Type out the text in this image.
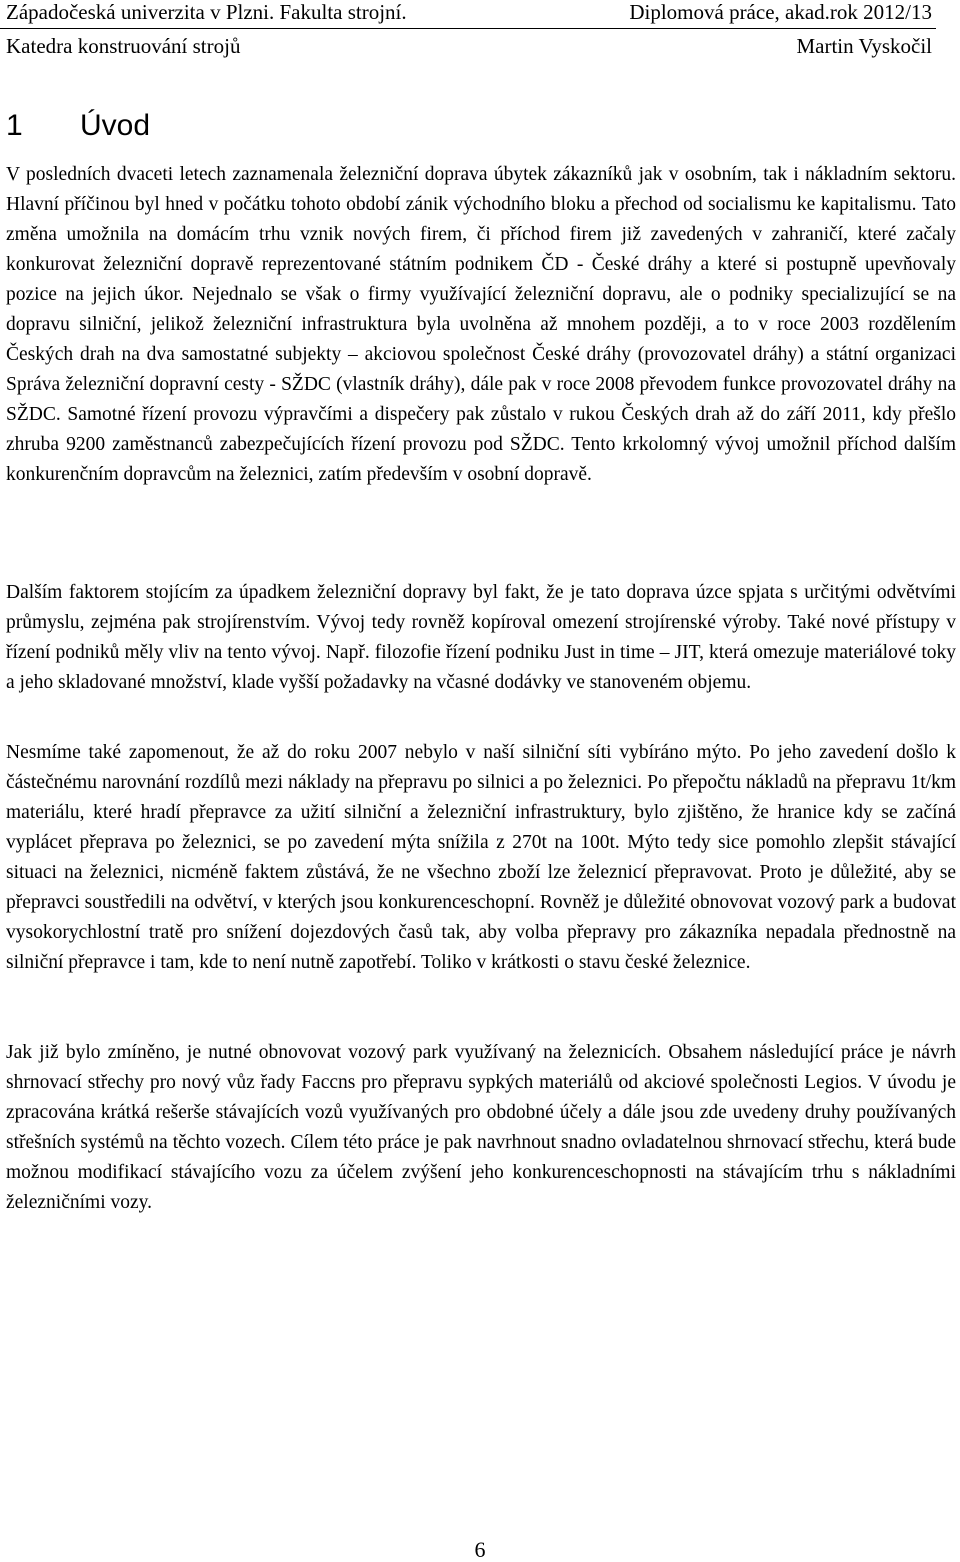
Západočeská univerzita v Plzni. Fakulta strojní.	Diplomová práce, akad.rok 2012/13
Katedra konstruování strojů	Martin Vyskočil
1 Úvod

V posledních dvaceti letech zaznamenala železniční doprava úbytek zákazníků jak v osobním, tak i nákladním sektoru. Hlavní příčinou byl hned v počátku tohoto období zánik východního bloku a přechod od socialismu ke kapitalismu. Tato změna umožnila na domácím trhu vznik nových firem, či příchod firem již zavedených v zahraničí, které začaly konkurovat železniční dopravě reprezentované státním podnikem ČD - České dráhy a které si postupně upevňovaly pozice na jejich úkor. Nejednalo se však o firmy využívající železniční dopravu, ale o podniky specializující se na dopravu silniční, jelikož železniční infrastruktura byla uvolněna až mnohem později, a to v roce 2003 rozdělením Českých drah na dva samostatné subjekty – akciovou společnost České dráhy (provozovatel dráhy) a státní organizaci Správa železniční dopravní cesty - SŽDC (vlastník dráhy), dále pak v roce 2008 převodem funkce provozovatel dráhy na SŽDC. Samotné řízení provozu výpravčími a dispečery pak zůstalo v rukou Českých drah až do září 2011, kdy přešlo zhruba 9200 zaměstnanců zabezpečujících řízení provozu pod SŽDC. Tento krkolomný vývoj umožnil příchod dalším konkurenčním dopravcům na železnici, zatím především v osobní dopravě.

Dalším faktorem stojícím za úpadkem železniční dopravy byl fakt, že je tato doprava úzce spjata s určitými odvětvími průmyslu, zejména pak strojírenstvím. Vývoj tedy rovněž kopíroval omezení strojírenské výroby. Také nové přístupy v řízení podniků měly vliv na tento vývoj. Např. filozofie řízení podniku Just in time – JIT, která omezuje materiálové toky a jeho skladované množství, klade vyšší požadavky na včasné dodávky ve stanoveném objemu.

Nesmíme také zapomenout, že až do roku 2007 nebylo v naší silniční síti vybíráno mýto. Po jeho zavedení došlo k částečnému narovnání rozdílů mezi náklady na přepravu po silnici a po železnici. Po přepočtu nákladů na přepravu 1t/km materiálu, které hradí přepravce za užití silniční a železniční infrastruktury, bylo zjištěno, že hranice kdy se začíná vyplácet přeprava po železnici, se po zavedení mýta snížila z 270t na 100t. Mýto tedy sice pomohlo zlepšit stávající situaci na železnici, nicméně faktem zůstává, že ne všechno zboží lze železnicí přepravovat. Proto je důležité, aby se přepravci soustředili na odvětví, v kterých jsou konkurenceschopní. Rovněž je důležité obnovovat vozový park a budovat vysokorychlostní tratě pro snížení dojezdových časů tak, aby volba přepravy pro zákazníka nepadala přednostně na silniční přepravce i tam, kde to není nutně zapotřebí. Toliko v krátkosti o stavu české železnice.

Jak již bylo zmíněno, je nutné obnovovat vozový park využívaný na železnicích. Obsahem následující práce je návrh shrnovací střechy pro nový vůz řady Faccns pro přepravu sypkých materiálů od akciové společnosti Legios. V úvodu je zpracována krátká rešerše stávajících vozů využívaných pro obdobné účely a dále jsou zde uvedeny druhy používaných střešních systémů na těchto vozech. Cílem této práce je pak navrhnout snadno ovladatelnou shrnovací střechu, která bude možnou modifikací stávajícího vozu za účelem zvýšení jeho konkurenceschopnosti na stávajícím trhu s nákladními železničními vozy.

6
